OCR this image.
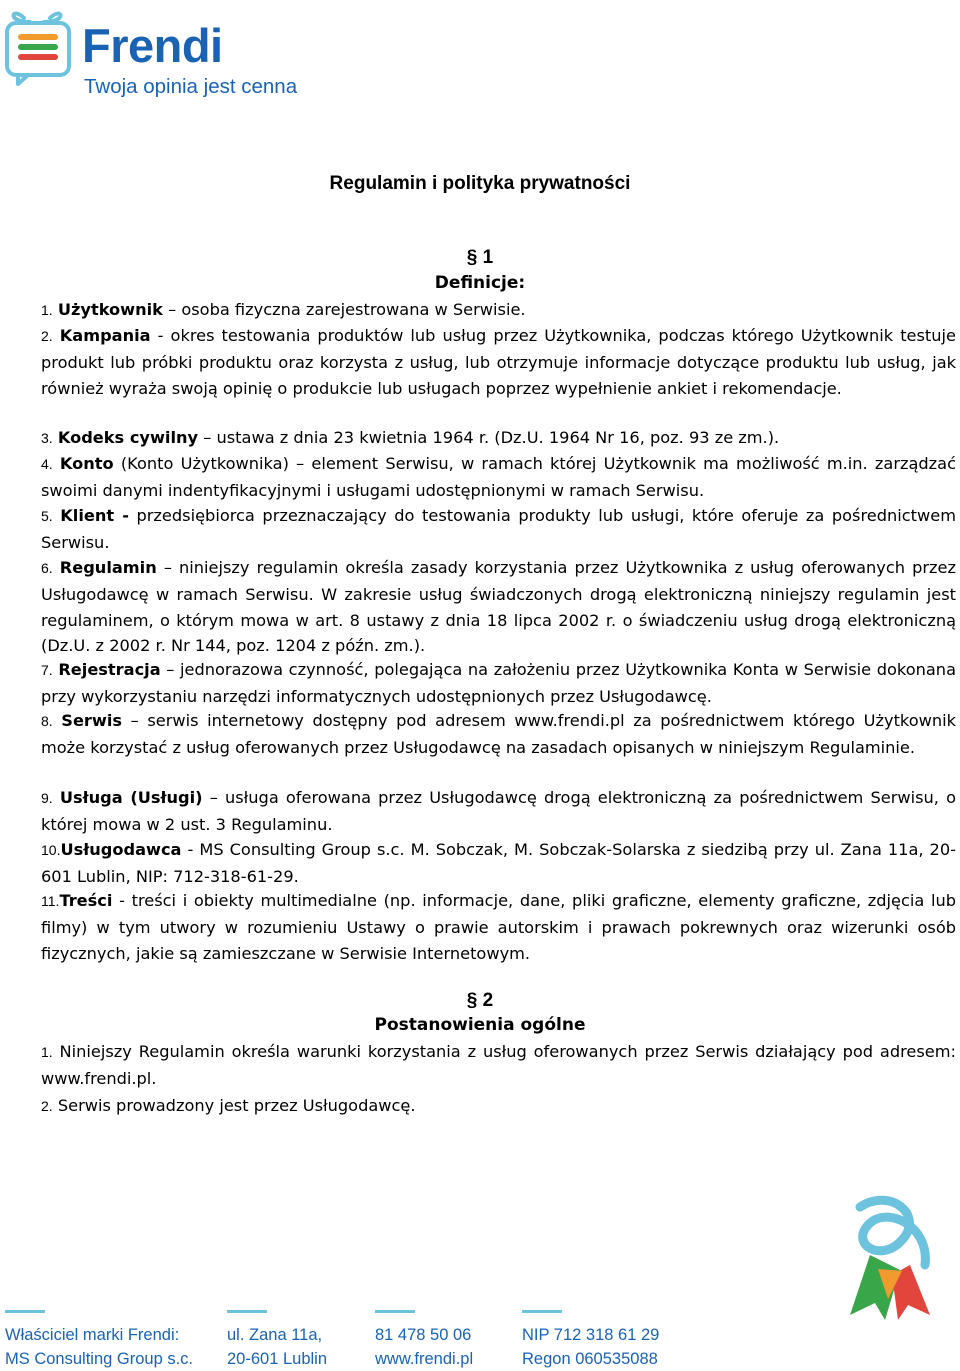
Frendi
Twoja opinia jest cenna
Regulamin i polityka prywatności
§ 1
Definicje:
1. Użytkownik – osoba fizyczna zarejestrowana w Serwisie.
2. Kampania - okres testowania produktów lub usług przez Użytkownika, podczas którego Użytkownik testuje produkt lub próbki produktu oraz korzysta z usług, lub otrzymuje informacje dotyczące produktu lub usług, jak również wyraża swoją opinię o produkcie lub usługach poprzez wypełnienie ankiet i rekomendacje.
3. Kodeks cywilny – ustawa z dnia 23 kwietnia 1964 r. (Dz.U. 1964 Nr 16, poz. 93 ze zm.).
4. Konto (Konto Użytkownika) – element Serwisu, w ramach której Użytkownik ma możliwość m.in. zarządzać swoimi danymi indentyfikacyjnymi i usługami udostępnionymi w ramach Serwisu.
5. Klient - przedsiębiorca przeznaczający do testowania produkty lub usługi, które oferuje za pośrednictwem Serwisu.
6. Regulamin – niniejszy regulamin określa zasady korzystania przez Użytkownika z usług oferowanych przez Usługodawcę w ramach Serwisu. W zakresie usług świadczonych drogą elektroniczną niniejszy regulamin jest regulaminem, o którym mowa w art. 8 ustawy z dnia 18 lipca 2002 r. o świadczeniu usług drogą elektroniczną (Dz.U. z 2002 r. Nr 144, poz. 1204 z późn. zm.).
7. Rejestracja – jednorazowa czynność, polegająca na założeniu przez Użytkownika Konta w Serwisie dokonana przy wykorzystaniu narzędzi informatycznych udostępnionych przez Usługodawcę.
8. Serwis – serwis internetowy dostępny pod adresem www.frendi.pl za pośrednictwem którego Użytkownik może korzystać z usług oferowanych przez Usługodawcę na zasadach opisanych w niniejszym Regulaminie.
9. Usługa (Usługi) – usługa oferowana przez Usługodawcę drogą elektroniczną za pośrednictwem Serwisu, o której mowa w 2 ust. 3 Regulaminu.
10.Usługodawca - MS Consulting Group s.c. M. Sobczak, M. Sobczak-Solarska z siedzibą przy ul. Zana 11a, 20-601 Lublin, NIP: 712-318-61-29.
11.Treści - treści i obiekty multimedialne (np. informacje, dane, pliki graficzne, elementy graficzne, zdjęcia lub filmy) w tym utwory w rozumieniu Ustawy o prawie autorskim i prawach pokrewnych oraz wizerunki osób fizycznych, jakie są zamieszczane w Serwisie Internetowym.
§ 2
Postanowienia ogólne
1. Niniejszy Regulamin określa warunki korzystania z usług oferowanych przez Serwis działający pod adresem: www.frendi.pl.
2. Serwis prowadzony jest przez Usługodawcę.
Właściciel marki Frendi:
MS Consulting Group s.c.
ul. Zana 11a,
20-601 Lublin
81 478 50 06
www.frendi.pl
NIP 712 318 61 29
Regon 060535088
